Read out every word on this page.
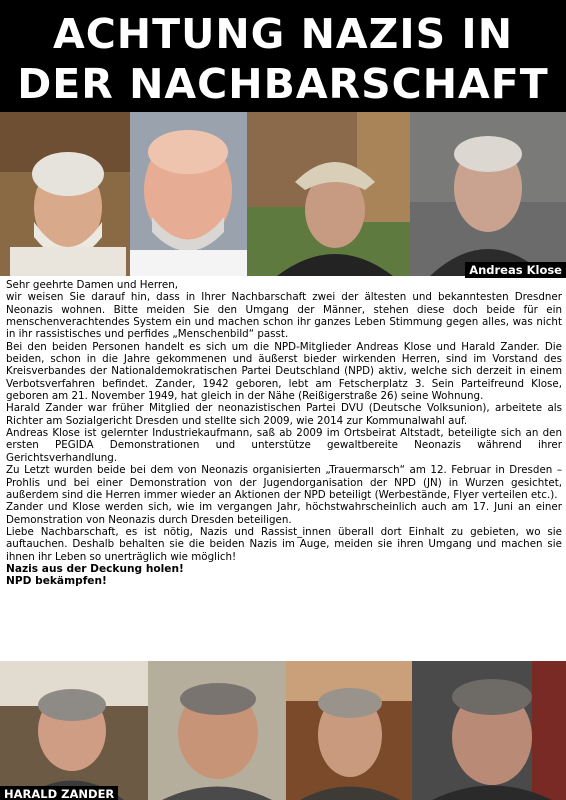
ACHTUNG NAZIS IN
DER NACHBARSCHAFT
Andreas Klose

Sehr geehrte Damen und Herren,

wir weisen Sie darauf hin, dass in Ihrer Nachbarschaft zwei der ältesten und bekanntesten Dresdner Neonazis wohnen. Bitte meiden Sie den Umgang der Männer, stehen diese doch beide für ein menschenverachtendes System ein und machen schon ihr ganzes Leben Stimmung gegen alles, was nicht in ihr rassistisches und perfides „Menschenbild“ passt.

Bei den beiden Personen handelt es sich um die NPD-Mitglieder Andreas Klose und Harald Zander. Die beiden, schon in die Jahre gekommenen und äußerst bieder wirkenden Herren, sind im Vorstand des Kreisverbandes der Nationaldemokratischen Partei Deutschland (NPD) aktiv, welche sich derzeit in einem Verbotsverfahren befindet. Zander, 1942 geboren, lebt am Fetscherplatz 3. Sein Parteifreund Klose, geboren am 21. November 1949, hat gleich in der Nähe (Reißigerstraße 26) seine Wohnung.

Harald Zander war früher Mitglied der neonazistischen Partei DVU (Deutsche Volksunion), arbeitete als Richter am Sozialgericht Dresden und stellte sich 2009, wie 2014 zur Kommunalwahl auf.

Andreas Klose ist gelernter Industriekaufmann, saß ab 2009 im Ortsbeirat Altstadt, beteiligte sich an den ersten PEGIDA Demonstrationen und unterstütze gewaltbereite Neonazis während ihrer Gerichtsverhandlung.

Zu Letzt wurden beide bei dem von Neonazis organisierten „Trauermarsch“ am 12. Februar in Dresden – Prohlis und bei einer Demonstration von der Jugendorganisation der NPD (JN) in Wurzen gesichtet, außerdem sind die Herren immer wieder an Aktionen der NPD beteiligt (Werbestände, Flyer verteilen etc.).

Zander und Klose werden sich, wie im vergangen Jahr, höchstwahrscheinlich auch am 17. Juni an einer Demonstration von Neonazis durch Dresden beteiligen.

Liebe Nachbarschaft, es ist nötig, Nazis und Rassist_innen überall dort Einhalt zu gebieten, wo sie auftauchen. Deshalb behalten sie die beiden Nazis im Auge, meiden sie ihren Umgang und machen sie ihnen ihr Leben so unerträglich wie möglich!

Nazis aus der Deckung holen!

NPD bekämpfen!

HARALD ZANDER
